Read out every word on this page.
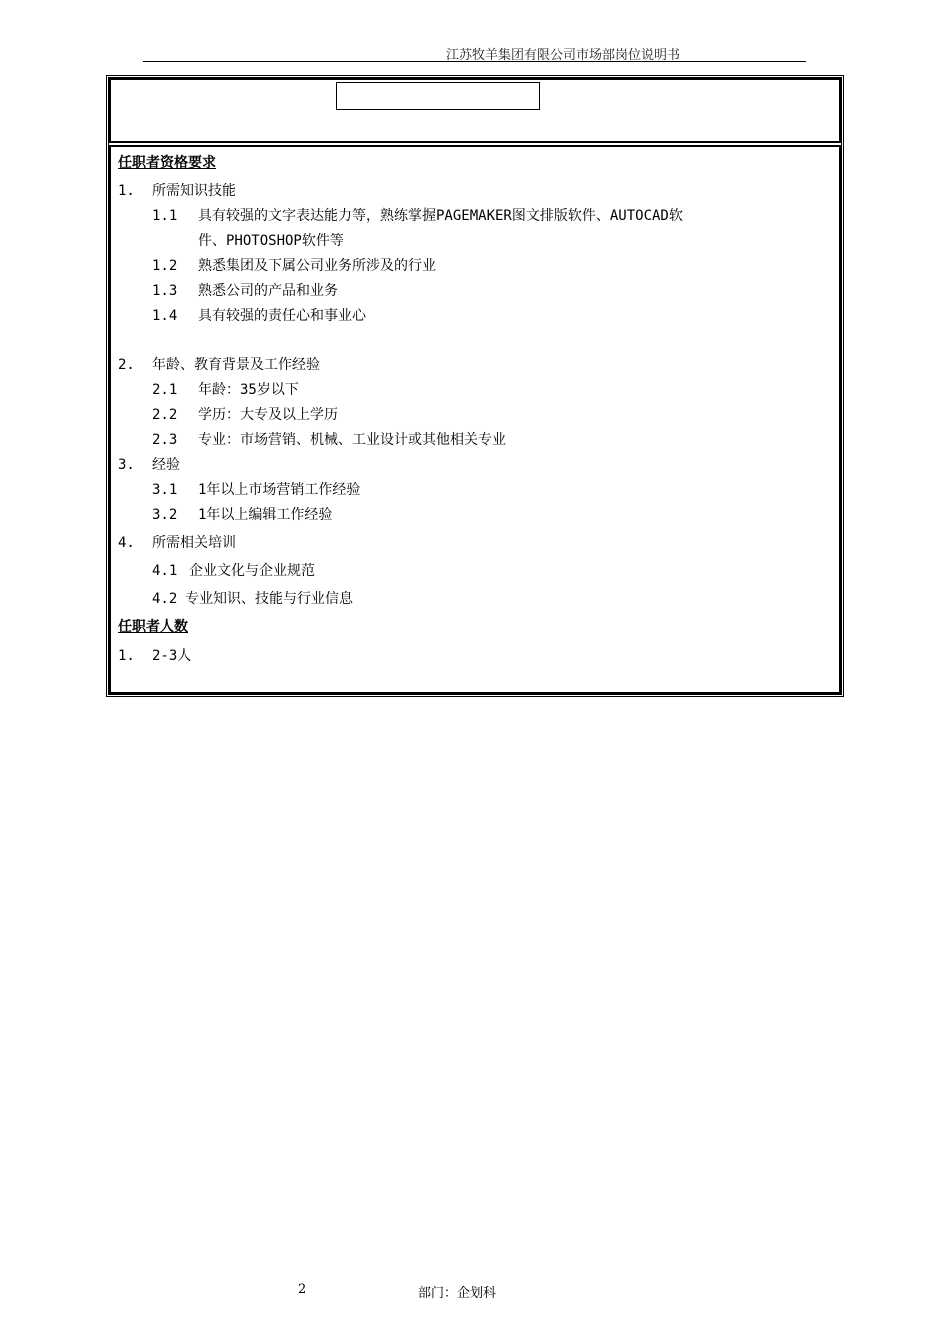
江苏牧羊集团有限公司市场部岗位说明书
任职者资格要求
1. 所需知识技能
1.1 具有较强的文字表达能力等，熟练掌握PAGEMAKER图文排版软件、AUTOCAD软
件、PHOTOSHOP软件等
1.2 熟悉集团及下属公司业务所涉及的行业
1.3 熟悉公司的产品和业务
1.4 具有较强的责任心和事业心
2. 年龄、教育背景及工作经验
2.1 年龄：35岁以下
2.2 学历：大专及以上学历
2.3 专业：市场营销、机械、工业设计或其他相关专业
3. 经验
3.1 1年以上市场营销工作经验
3.2 1年以上编辑工作经验
4. 所需相关培训
4.1 企业文化与企业规范
4.2 专业知识、技能与行业信息
任职者人数
1. 2-3人
2	部门：企划科
